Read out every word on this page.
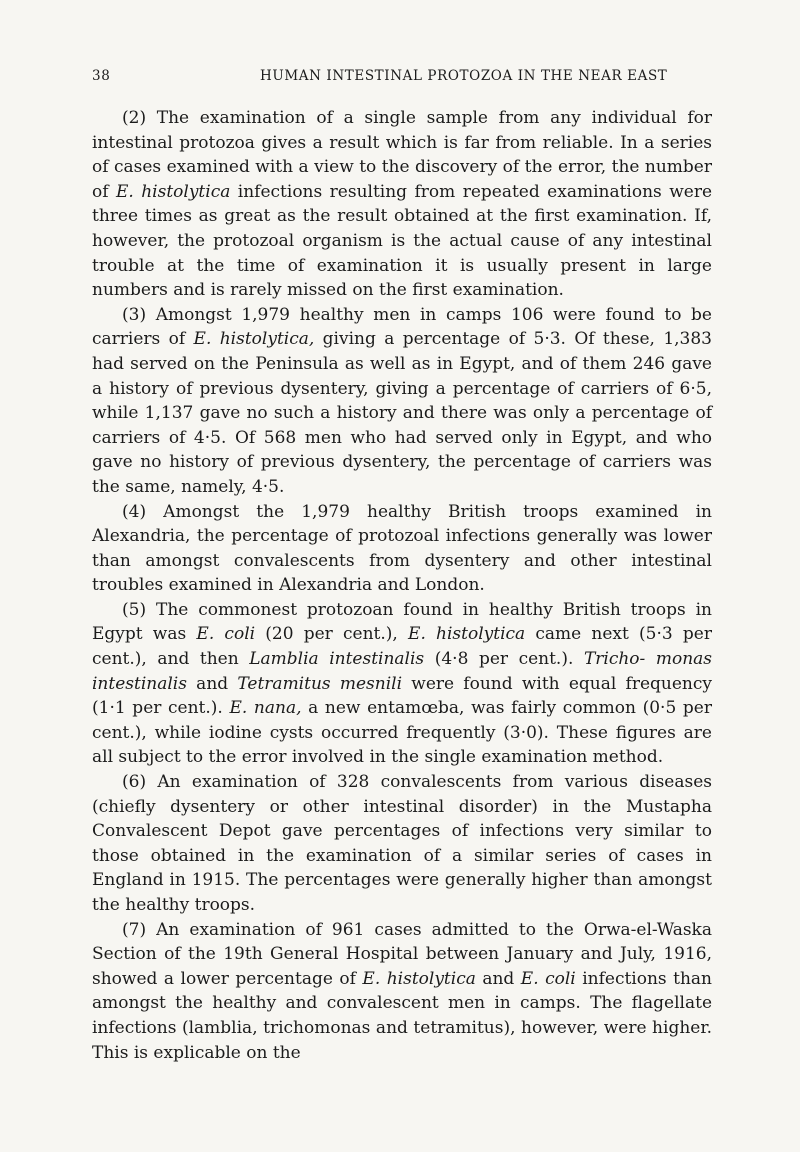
38	HUMAN INTESTINAL PROTOZOA IN THE NEAR EAST

(2) The examination of a single sample from any individual for intestinal protozoa gives a result which is far from reliable. In a series of cases examined with a view to the discovery of the error, the number of E. histolytica infections resulting from repeated examinations were three times as great as the result obtained at the first examination. If, however, the protozoal organism is the actual cause of any intestinal trouble at the time of examination it is usually present in large numbers and is rarely missed on the first examination.

(3) Amongst 1,979 healthy men in camps 106 were found to be carriers of E. histolytica, giving a percentage of 5·3. Of these, 1,383 had served on the Peninsula as well as in Egypt, and of them 246 gave a history of previous dysentery, giving a percentage of carriers of 6·5, while 1,137 gave no such a history and there was only a percentage of carriers of 4·5. Of 568 men who had served only in Egypt, and who gave no history of previous dysentery, the percentage of carriers was the same, namely, 4·5.

(4) Amongst the 1,979 healthy British troops examined in Alexandria, the percentage of protozoal infections generally was lower than amongst convalescents from dysentery and other intestinal troubles examined in Alexandria and London.

(5) The commonest protozoan found in healthy British troops in Egypt was E. coli (20 per cent.), E. histolytica came next (5·3 per cent.), and then Lamblia intestinalis (4·8 per cent.). Tricho- monas intestinalis and Tetramitus mesnili were found with equal frequency (1·1 per cent.). E. nana, a new entamœba, was fairly common (0·5 per cent.), while iodine cysts occurred frequently (3·0). These figures are all subject to the error involved in the single examination method.

(6) An examination of 328 convalescents from various diseases (chiefly dysentery or other intestinal disorder) in the Mustapha Convalescent Depot gave percentages of infections very similar to those obtained in the examination of a similar series of cases in England in 1915. The percentages were generally higher than amongst the healthy troops.

(7) An examination of 961 cases admitted to the Orwa-el-Waska Section of the 19th General Hospital between January and July, 1916, showed a lower percentage of E. histolytica and E. coli infections than amongst the healthy and convalescent men in camps. The flagellate infections (lamblia, trichomonas and tetramitus), however, were higher. This is explicable on the
